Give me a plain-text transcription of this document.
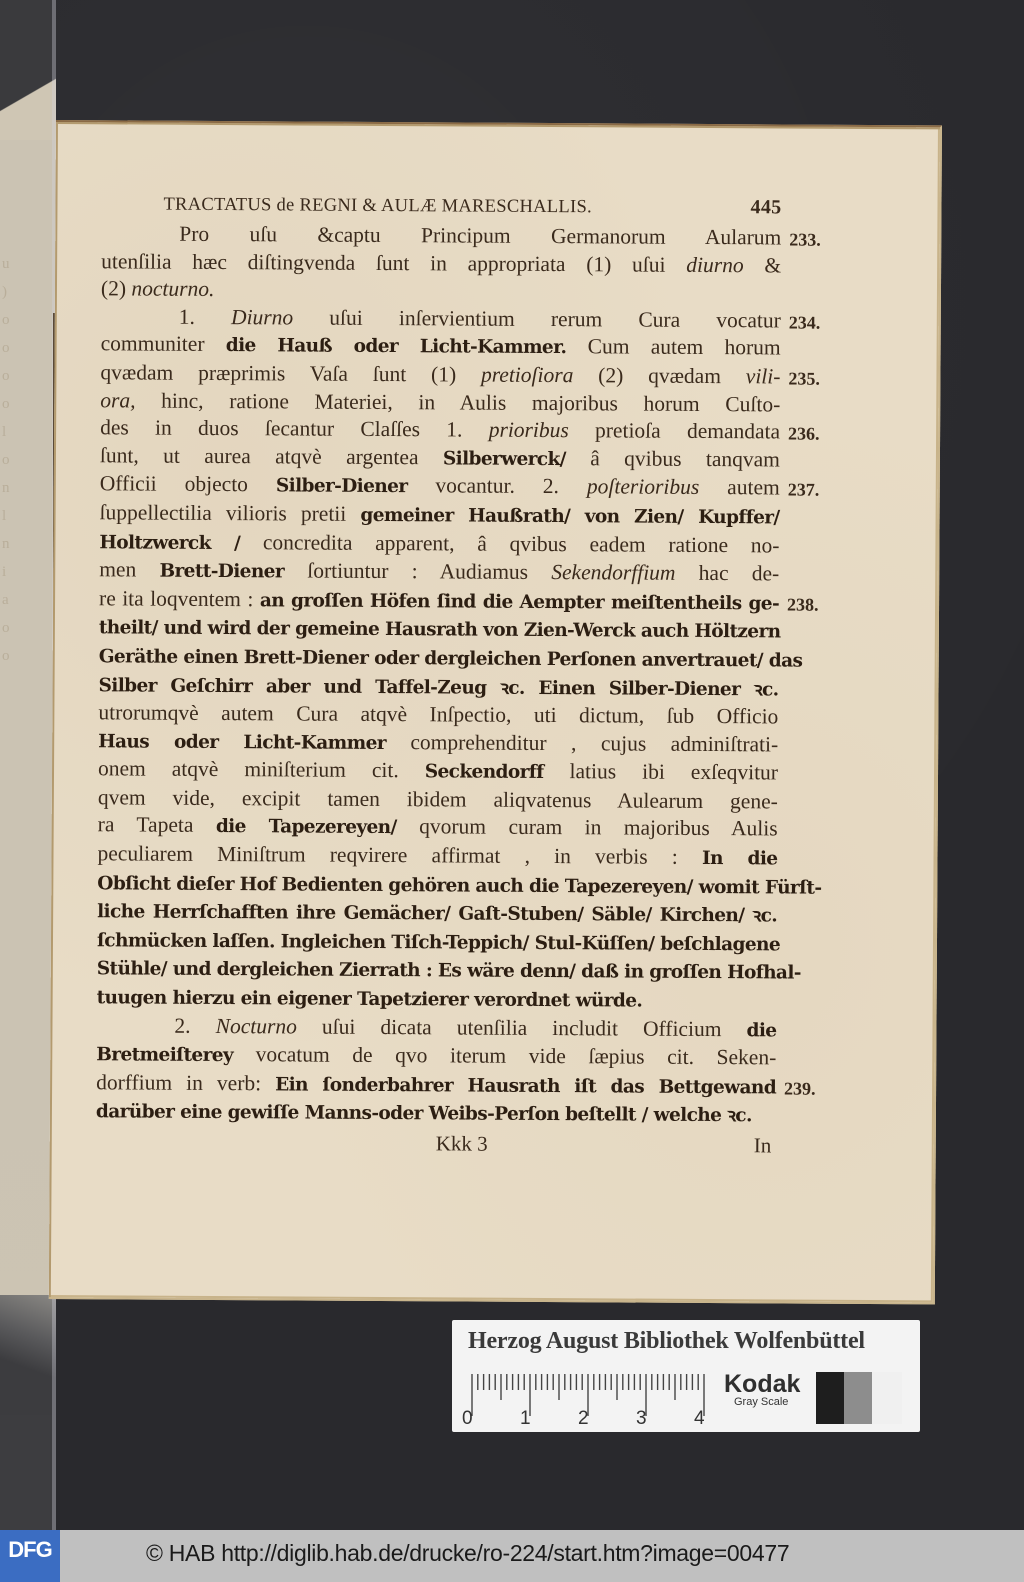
u
)
o
o
o
o
l
o
n
l
n
i
a
o
o
TRACTATUS de REGNI & AULÆ MARESCHALLIS.	445
Pro uſu &captu Principum Germanorum Aularum 233.
utenſilia hæc diſtingvenda ſunt in appropriata (1) uſui diurno &
(2) nocturno.
1. Diurno uſui inſervientium rerum Cura vocatur 234.
communiter die Hauß oder Licht-Kammer. Cum autem horum
qvædam præprimis Vaſa ſunt (1) pretioſiora (2) qvædam vili- 235.
ora, hinc, ratione Materiei, in Aulis majoribus horum Cuſto-
des in duos ſecantur Claſſes 1. prioribus pretioſa demandata 236.
ſunt, ut aurea atqvè argentea Silberwerck/ â qvibus tanqvam
Officii objecto Silber-Diener vocantur. 2. poſterioribus autem 237.
ſuppellectilia vilioris pretii gemeiner Haußrath/ von Zien/ Kupffer/
Holtzwerck / concredita apparent, â qvibus eadem ratione no-
men Brett-Diener ſortiuntur : Audiamus Sekendorffium hac de-
re ita loqventem : an groſſen Höfen ſind die Aempter meiſtentheils ge- 238.
theilt/ und wird der gemeine Hausrath von Zien-Werck auch Höltzern
Geräthe einen Brett-Diener oder dergleichen Perſonen anvertrauet/ das
Silber Geſchirr aber und Taffel-Zeug ꝛc. Einen Silber-Diener ꝛc.
utrorumqvè autem Cura atqvè Inſpectio, uti dictum, ſub Officio
Haus oder Licht-Kammer comprehenditur , cujus adminiſtrati-
onem atqvè miniſterium cit. Seckendorff latius ibi exſeqvitur
qvem vide, excipit tamen ibidem aliqvatenus Aulearum gene-
ra Tapeta die Tapezereyen/ qvorum curam in majoribus Aulis
peculiarem Miniſtrum reqvirere affirmat , in verbis : In die
Obſicht dieſer Hof Bedienten gehören auch die Tapezereyen/ womit Fürſt-
liche Herrſchafften ihre Gemächer/ Gaſt-Stuben/ Säble/ Kirchen/ ꝛc.
ſchmücken laſſen. Ingleichen Tiſch-Teppich/ Stul-Küſſen/ beſchlagene
Stühle/ und dergleichen Zierrath : Es wäre denn/ daß in groſſen Hofhal-
tuugen hierzu ein eigener Tapetzierer verordnet würde.
2. Nocturno uſui dicata utenſilia includit Officium die
Bretmeiſterey vocatum de qvo iterum vide ſæpius cit. Seken-
dorffium in verb: Ein ſonderbahrer Hausrath iſt das Bettgewand 239.
darüber eine gewiſſe Manns-oder Weibs-Perſon beſtellt / welche ꝛc.
Kkk 3	In
Herzog August Bibliothek Wolfenbüttel
0 1 2 3 4
Kodak
Gray Scale
DFG	© HAB http://diglib.hab.de/drucke/ro-224/start.htm?image=00477
